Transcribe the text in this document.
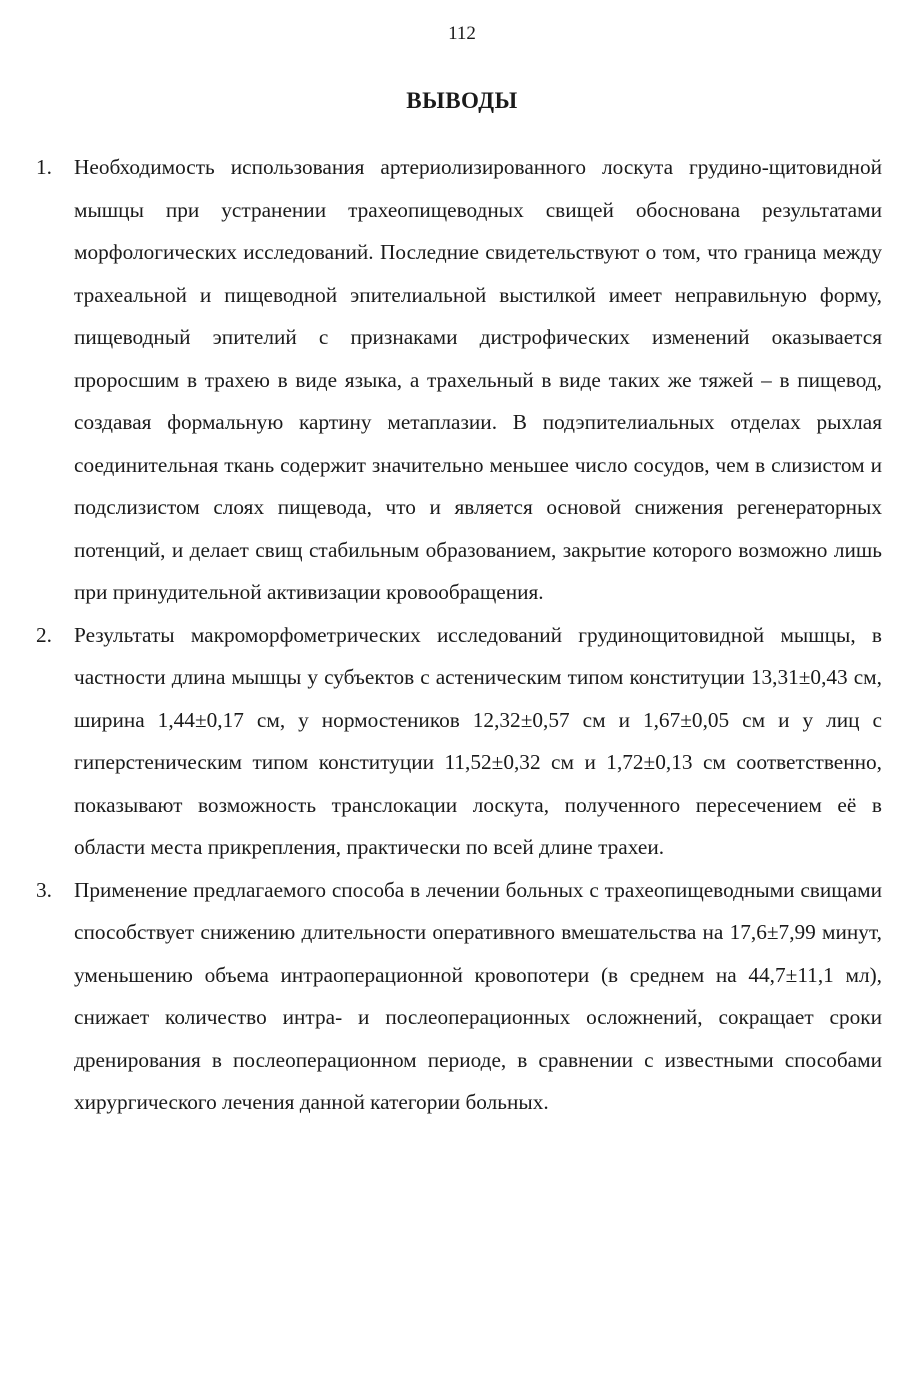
112
ВЫВОДЫ
1. Необходимость использования артериолизированного лоскута грудино-щитовидной мышцы при устранении трахеопищеводных свищей обоснована результатами морфологических исследований. Последние свидетельствуют о том, что граница между трахеальной и пищеводной эпителиальной выстилкой имеет неправильную форму, пищеводный эпителий с признаками дистрофических изменений оказывается проросшим в трахею в виде языка, а трахельный в виде таких же тяжей – в пищевод, создавая формальную картину метаплазии. В подэпителиальных отделах рыхлая соединительная ткань содержит значительно меньшее число сосудов, чем в слизистом и подслизистом слоях пищевода, что и является основой снижения регенераторных потенций, и делает свищ стабильным образованием, закрытие которого возможно лишь при принудительной активизации кровообращения.
2. Результаты макроморфометрических исследований грудинощитовидной мышцы, в частности длина мышцы у субъектов с астеническим типом конституции 13,31±0,43 см, ширина 1,44±0,17 см, у нормостеников 12,32±0,57 см и 1,67±0,05 см и у лиц с гиперстеническим типом конституции 11,52±0,32 см и 1,72±0,13 см соответственно, показывают возможность транслокации лоскута, полученного пересечением её в области места прикрепления, практически по всей длине трахеи.
3. Применение предлагаемого способа в лечении больных с трахеопищеводными свищами способствует снижению длительности оперативного вмешательства на 17,6±7,99 минут, уменьшению объема интраоперационной кровопотери (в среднем на 44,7±11,1 мл), снижает количество интра- и послеоперационных осложнений, сокращает сроки дренирования в послеоперационном периоде, в сравнении с известными способами хирургического лечения данной категории больных.
